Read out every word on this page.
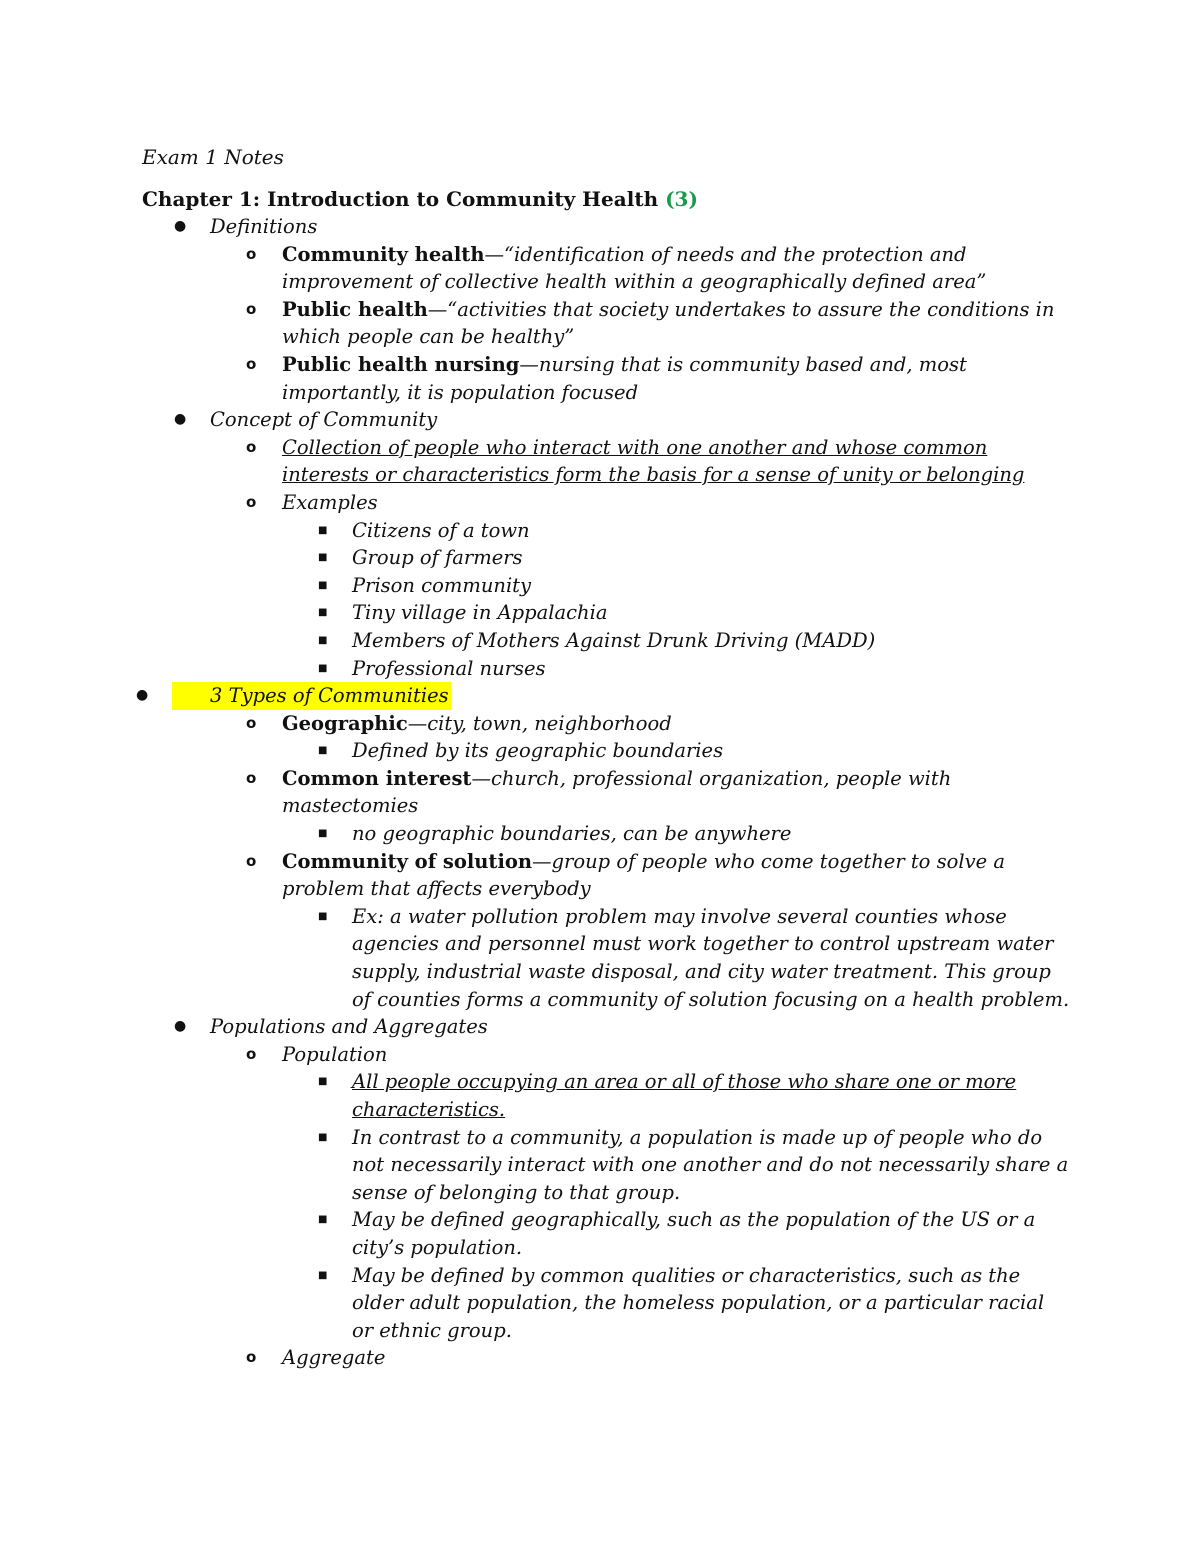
Exam 1 Notes
Chapter 1: Introduction to Community Health (3)
● Definitions
o Community health—“identification of needs and the protection and improvement of collective health within a geographically defined area”
o Public health—“activities that society undertakes to assure the conditions in which people can be healthy”
o Public health nursing—nursing that is community based and, most importantly, it is population focused
● Concept of Community
o Collection of people who interact with one another and whose common interests or characteristics form the basis for a sense of unity or belonging
o Examples
■ Citizens of a town
■ Group of farmers
■ Prison community
■ Tiny village in Appalachia
■ Members of Mothers Against Drunk Driving (MADD)
■ Professional nurses
●	3 Types of Communities
o Geographic—city, town, neighborhood
■ Defined by its geographic boundaries
o Common interest—church, professional organization, people with mastectomies
■ no geographic boundaries, can be anywhere
o Community of solution—group of people who come together to solve a problem that affects everybody
■ Ex: a water pollution problem may involve several counties whose agencies and personnel must work together to control upstream water supply, industrial waste disposal, and city water treatment. This group of counties forms a community of solution focusing on a health problem.
● Populations and Aggregates
o Population
■ All people occupying an area or all of those who share one or more characteristics.
■ In contrast to a community, a population is made up of people who do not necessarily interact with one another and do not necessarily share a sense of belonging to that group.
■ May be defined geographically, such as the population of the US or a city’s population.
■ May be defined by common qualities or characteristics, such as the older adult population, the homeless population, or a particular racial or ethnic group.
o Aggregate
